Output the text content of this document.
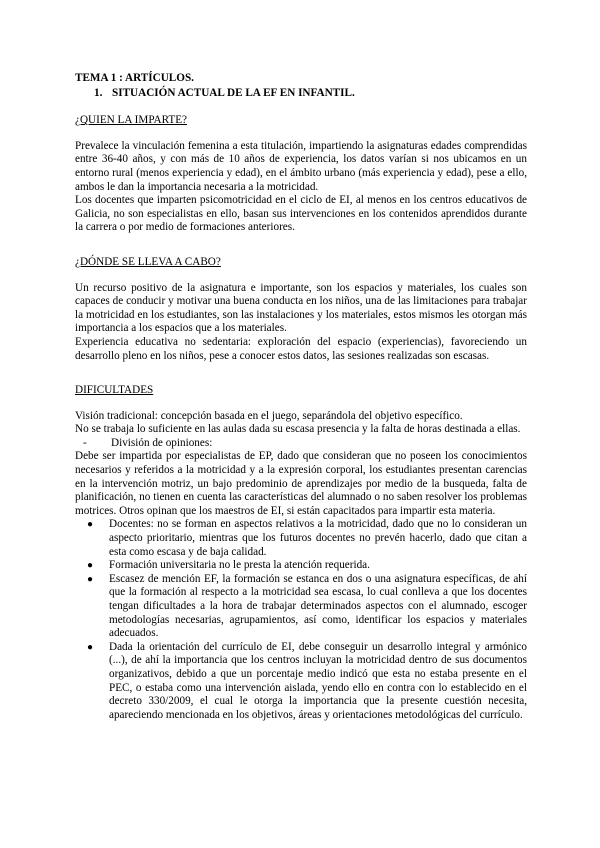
TEMA 1 : ARTÍCULOS.
1. SITUACIÓN ACTUAL DE LA EF EN INFANTIL.
¿QUIEN LA IMPARTE?

Prevalece la vinculación femenina a esta titulación, impartiendo la asignaturas edades comprendidas entre 36-40 años, y con más de 10 años de experiencia, los datos varían si nos ubicamos en un entorno rural (menos experiencia y edad), en el ámbito urbano (más experiencia y edad), pese a ello, ambos le dan la importancia necesaria a la motricidad.

Los docentes que imparten psicomotricidad en el ciclo de EI, al menos en los centros educativos de Galicia, no son especialistas en ello, basan sus intervenciones en los contenidos aprendidos durante la carrera o por medio de formaciones anteriores.

¿DÓNDE SE LLEVA A CABO?

Un recurso positivo de la asignatura e importante, son los espacios y materiales, los cuales son capaces de conducir y motivar una buena conducta en los niños, una de las limitaciones para trabajar la motricidad en los estudiantes, son las instalaciones y los materiales, estos mismos les otorgan más importancia a los espacios que a los materiales.

Experiencia educativa no sedentaria: exploración del espacio (experiencias), favoreciendo un desarrollo pleno en los niños, pese a conocer estos datos, las sesiones realizadas son escasas.

DIFICULTADES

Visión tradicional: concepción basada en el juego, separándola del objetivo específico.

No se trabaja lo suficiente en las aulas dada su escasa presencia y la falta de horas destinada a ellas.

-	División de opiniones:

Debe ser impartida por especialistas de EP, dado que consideran que no poseen los conocimientos necesarios y referidos a la motricidad y a la expresión corporal, los estudiantes presentan carencias en la intervención motriz, un bajo predominio de aprendizajes por medio de la busqueda, falta de planificación, no tienen en cuenta las características del alumnado o no saben resolver los problemas motrices. Otros opinan que los maestros de EI, si están capacitados para impartir esta materia.

●	Docentes: no se forman en aspectos relativos a la motricidad, dado que no lo consideran un aspecto prioritario, mientras que los futuros docentes no prevén hacerlo, dado que citan a esta como escasa y de baja calidad.
●	Formación universitaria no le presta la atención requerida.
●	Escasez de mención EF, la formación se estanca en dos o una asignatura específicas, de ahí que la formación al respecto a la motricidad sea escasa, lo cual conlleva a que los docentes tengan dificultades a la hora de trabajar determinados aspectos con el alumnado, escoger metodologías necesarias, agrupamientos, así como, identificar los espacios y materiales adecuados.
●	Dada la orientación del currículo de EI, debe conseguir un desarrollo integral y armónico (...), de ahí la importancia que los centros incluyan la motricidad dentro de sus documentos organizativos, debido a que un porcentaje medio indicó que esta no estaba presente en el PEC, o estaba como una intervención aislada, yendo ello en contra con lo establecido en el decreto 330/2009, el cual le otorga la importancia que la presente cuestión necesita, apareciendo mencionada en los objetivos, áreas y orientaciones metodológicas del currículo.
